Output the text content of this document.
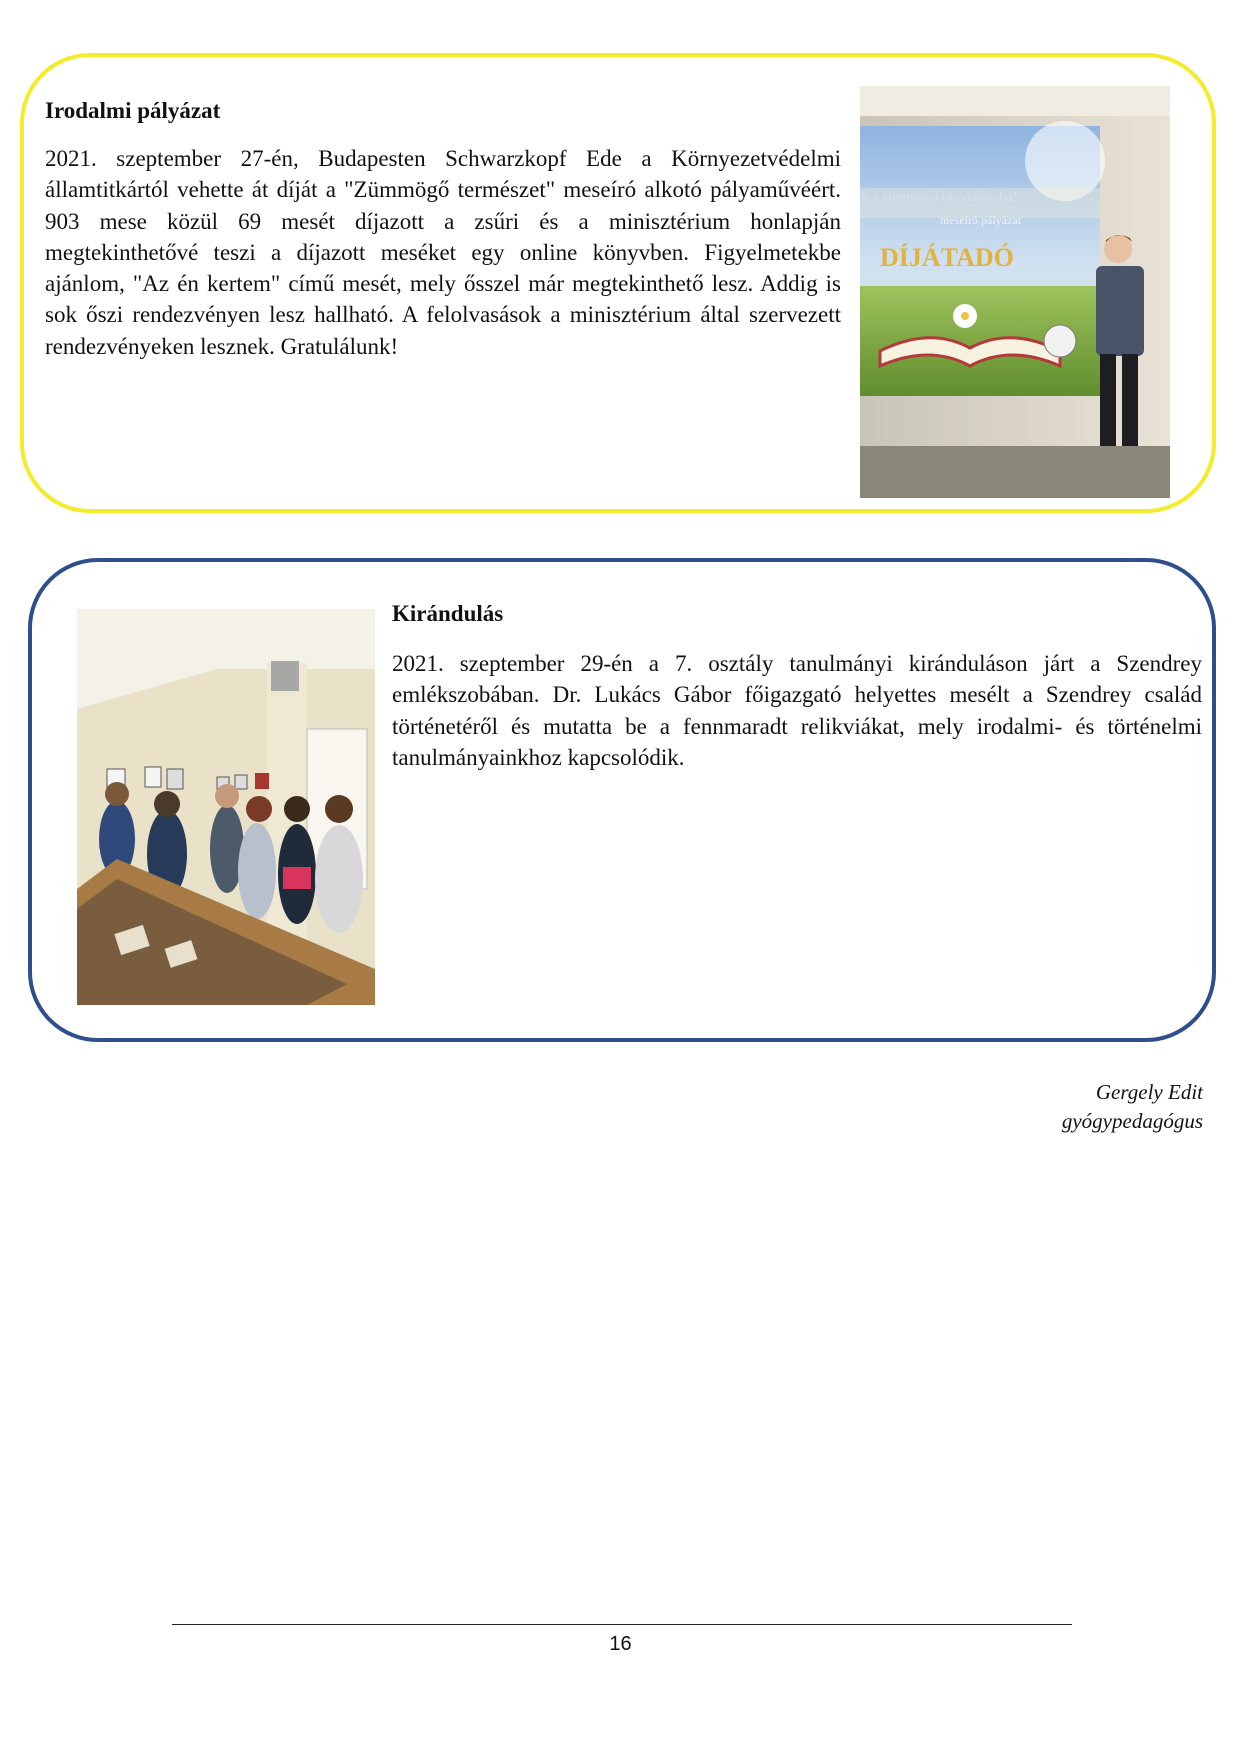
Irodalmi pályázat

2021. szeptember 27-én, Budapesten Schwarzkopf Ede a Környezetvédelmi államtitkártól vehette át díját a "Zümmögő természet" meseíró alkotó pályaművéért. 903 mese közül 69 mesét díjazott a zsűri és a minisztérium honlapján megtekinthetővé teszi a díjazott meséket egy online könyvben. Figyelmetekbe ajánlom, "Az én kertem" című mesét, mely ősszel már megtekinthető lesz. Addig is sok őszi rendezvényen lesz hallható. A felolvasások a minisztérium által szervezett rendezvényeken lesznek. Gratulálunk!

k a zümmögő birodalomba!
meseíró pályázat
DÍJÁTADÓ
Kirándulás

2021. szeptember 29-én a 7. osztály tanulmányi kiránduláson járt a Szendrey emlékszobában. Dr. Lukács Gábor főigazgató helyettes mesélt a Szendrey család történetéről és mutatta be a fennmaradt relikviákat, mely irodalmi- és történelmi tanulmányainkhoz kapcsolódik.

Gergely Edit
gyógypedagógus
16
